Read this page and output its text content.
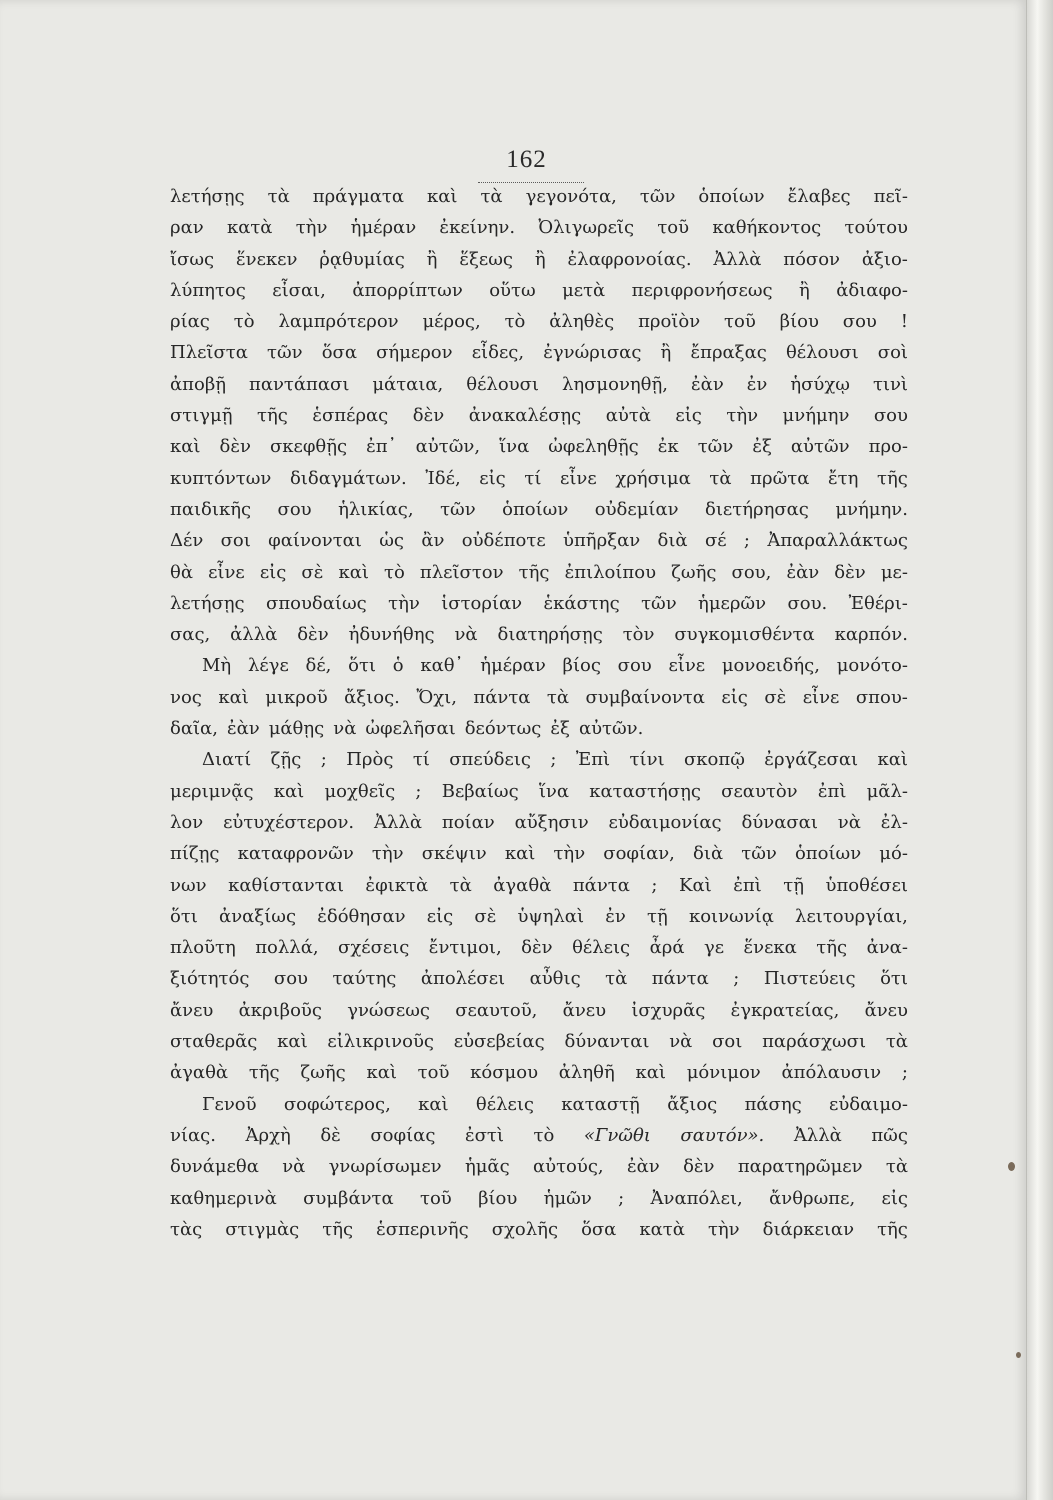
162
λετήσῃς τὰ πράγματα καὶ τὰ γεγονότα, τῶν ὁποίων ἔλαβες πεῖ-
ραν κατὰ τὴν ἡμέραν ἐκείνην. Ὀλιγωρεῖς τοῦ καθήκοντος τούτου
ἴσως ἕνεκεν ῥᾳθυμίας ἢ ἕξεως ἢ ἐλαφρονοίας. Ἀλλὰ πόσον ἀξιο-
λύπητος εἶσαι, ἀπορρίπτων οὕτω μετὰ περιφρονήσεως ἢ ἀδιαφο-
ρίας τὸ λαμπρότερον μέρος, τὸ ἀληθὲς προϊὸν τοῦ βίου σου !
Πλεῖστα τῶν ὅσα σήμερον εἶδες, ἐγνώρισας ἢ ἔπραξας θέλουσι σοὶ
ἀποβῇ παντάπασι μάταια, θέλουσι λησμονηθῇ, ἐὰν ἐν ἡσύχῳ τινὶ
στιγμῇ τῆς ἑσπέρας δὲν ἀνακαλέσῃς αὐτὰ εἰς τὴν μνήμην σου
καὶ δὲν σκεφθῇς ἐπ᾿ αὐτῶν, ἵνα ὠφεληθῇς ἐκ τῶν ἐξ αὐτῶν προ-
κυπτόντων διδαγμάτων. Ἰδέ, εἰς τί εἶνε χρήσιμα τὰ πρῶτα ἔτη τῆς
παιδικῆς σου ἡλικίας, τῶν ὁποίων οὐδεμίαν διετήρησας μνήμην.
Δέν σοι φαίνονται ὡς ἂν οὐδέποτε ὑπῆρξαν διὰ σέ ; Ἀπαραλλάκτως
θὰ εἶνε εἰς σὲ καὶ τὸ πλεῖστον τῆς ἐπιλοίπου ζωῆς σου, ἐὰν δὲν με-
λετήσῃς σπουδαίως τὴν ἱστορίαν ἑκάστης τῶν ἡμερῶν σου. Ἐθέρι-
σας, ἀλλὰ δὲν ἠδυνήθης νὰ διατηρήσῃς τὸν συγκομισθέντα καρπόν.
Μὴ λέγε δέ, ὅτι ὁ καθ᾿ ἡμέραν βίος σου εἶνε μονοειδής, μονότο-
νος καὶ μικροῦ ἄξιος. Ὄχι, πάντα τὰ συμβαίνοντα εἰς σὲ εἶνε σπου-
δαῖα, ἐὰν μάθῃς νὰ ὠφελῆσαι δεόντως ἐξ αὐτῶν.
Διατί ζῇς ; Πρὸς τί σπεύδεις ; Ἐπὶ τίνι σκοπῷ ἐργάζεσαι καὶ
μεριμνᾷς καὶ μοχθεῖς ; Βεβαίως ἵνα καταστήσῃς σεαυτὸν ἐπὶ μᾶλ-
λον εὐτυχέστερον. Ἀλλὰ ποίαν αὔξησιν εὐδαιμονίας δύνασαι νὰ ἐλ-
πίζῃς καταφρονῶν τὴν σκέψιν καὶ τὴν σοφίαν, διὰ τῶν ὁποίων μό-
νων καθίστανται ἐφικτὰ τὰ ἀγαθὰ πάντα ; Καὶ ἐπὶ τῇ ὑποθέσει
ὅτι ἀναξίως ἐδόθησαν εἰς σὲ ὑψηλαὶ ἐν τῇ κοινωνίᾳ λειτουργίαι,
πλοῦτη πολλά, σχέσεις ἔντιμοι, δὲν θέλεις ἆρά γε ἕνεκα τῆς ἀνα-
ξιότητός σου ταύτης ἀπολέσει αὖθις τὰ πάντα ; Πιστεύεις ὅτι
ἄνευ ἀκριβοῦς γνώσεως σεαυτοῦ, ἄνευ ἰσχυρᾶς ἐγκρατείας, ἄνευ
σταθερᾶς καὶ εἰλικρινοῦς εὐσεβείας δύνανται νὰ σοι παράσχωσι τὰ
ἀγαθὰ τῆς ζωῆς καὶ τοῦ κόσμου ἀληθῆ καὶ μόνιμον ἀπόλαυσιν ;
Γενοῦ σοφώτερος, καὶ θέλεις καταστῇ ἄξιος πάσης εὐδαιμο-
νίας. Ἀρχὴ δὲ σοφίας ἐστὶ τὸ «Γνῶθι σαυτόν». Ἀλλὰ πῶς
δυνάμεθα νὰ γνωρίσωμεν ἡμᾶς αὐτούς, ἐὰν δὲν παρατηρῶμεν τὰ
καθημερινὰ συμβάντα τοῦ βίου ἡμῶν ; Ἀναπόλει, ἄνθρωπε, εἰς
τὰς στιγμὰς τῆς ἑσπερινῆς σχολῆς ὅσα κατὰ τὴν διάρκειαν τῆς
